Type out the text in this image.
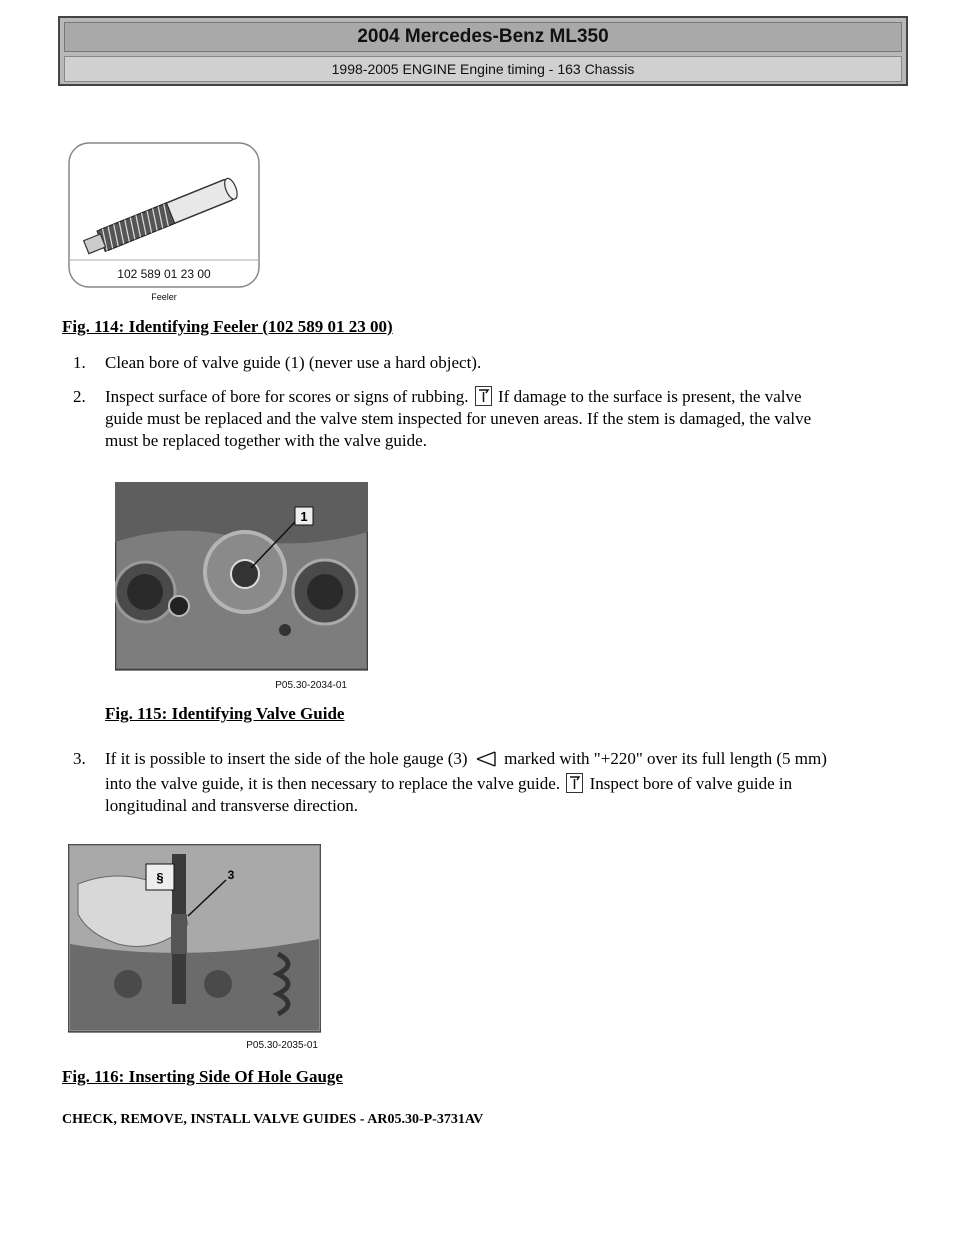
2004 Mercedes-Benz ML350
1998-2005 ENGINE Engine timing - 163 Chassis
102 589 01 23 00
Feeler
Fig. 114: Identifying Feeler (102 589 01 23 00)
1. Clean bore of valve guide (1) (never use a hard object).
2. Inspect surface of bore for scores or signs of rubbing. If damage to the surface is present, the valve
guide must be replaced and the valve stem inspected for uneven areas. If the stem is damaged, the valve
must be replaced together with the valve guide.
1
P05.30-2034-01
Fig. 115: Identifying Valve Guide
3. If it is possible to insert the side of the hole gauge (3) marked with "+220" over its full length (5 mm)
into the valve guide, it is then necessary to replace the valve guide. Inspect bore of valve guide in
longitudinal and transverse direction.
§	3
P05.30-2035-01
Fig. 116: Inserting Side Of Hole Gauge
CHECK, REMOVE, INSTALL VALVE GUIDES - AR05.30-P-3731AV
